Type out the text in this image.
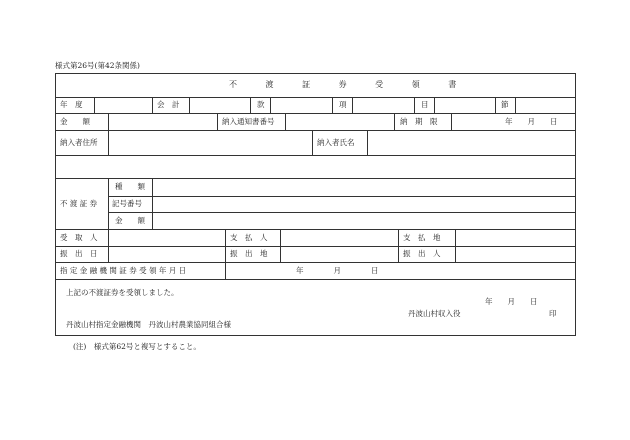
様式第26号(第42条関係)
不 渡 証 券 受 領 書
年　度	会　計	款	項	目	節
金　　額	納入通知書番号	納　期　限	年　　月　　日
納入者住所	納入者氏名
不 渡 証 券
種　　類
記号番号
金　　額
受　取　人	支　払　人	支　払　地
振　出　日	振　出　地	振　出　人
指 定 金 融 機 関 証 券 受 領 年 月 日	年　　　　月　　　　日
上記の不渡証券を受領しました。
年　　月　　日
丹波山村収入役	印
丹波山村指定金融機関　丹波山村農業協同組合様
(注)　様式第62号と複写とすること。
